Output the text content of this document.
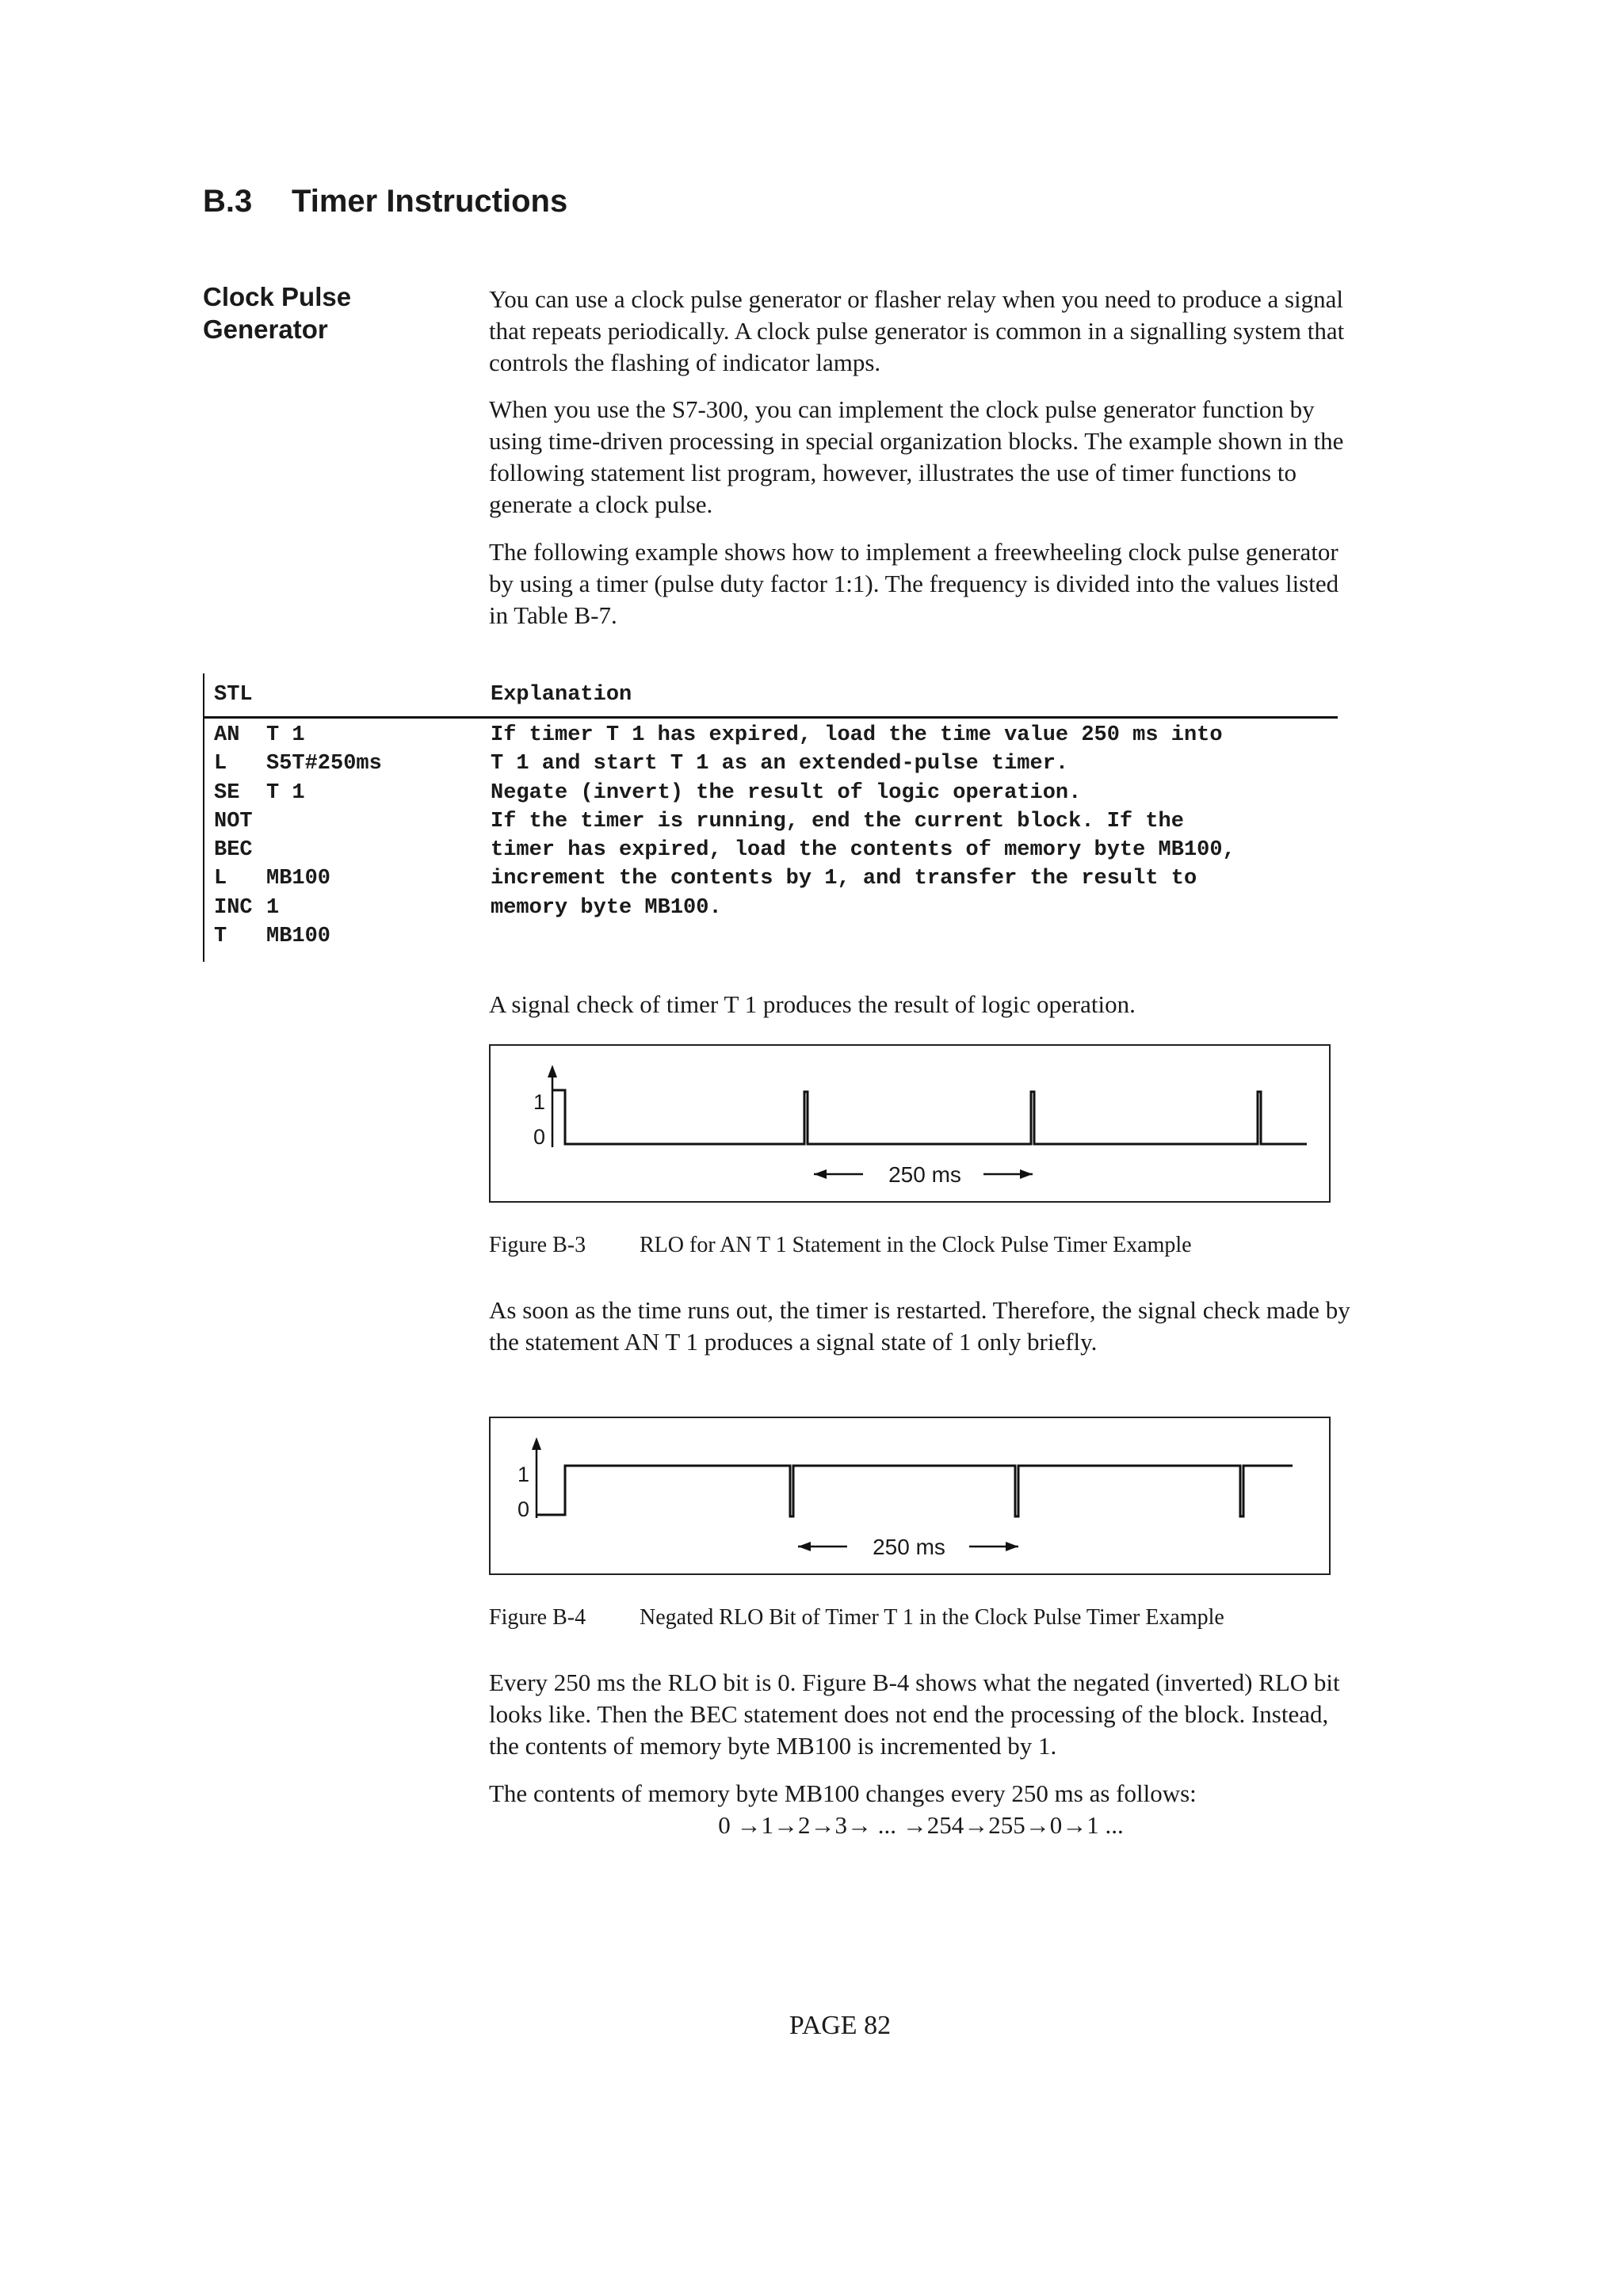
B.3 Timer Instructions
Clock Pulse
Generator

You can use a clock pulse generator or flasher relay when you need to produce a signal that repeats periodically. A clock pulse generator is common in a signalling system that controls the flashing of indicator lamps.

When you use the S7-300, you can implement the clock pulse generator function by using time-driven processing in special organization blocks. The example shown in the following statement list program, however, illustrates the use of timer functions to generate a clock pulse.

The following example shows how to implement a freewheeling clock pulse generator by using a timer (pulse duty factor 1:1). The frequency is divided into the values listed in Table B-7.

STL	Explanation
AN T 1
L S5T#250ms
SE T 1
NOT
BEC
L MB100
INC 1
T MB100
If timer T 1 has expired, load the time value 250 ms into
T 1 and start T 1 as an extended-pulse timer.
Negate (invert) the result of logic operation.
If the timer is running, end the current block. If the
timer has expired, load the contents of memory byte MB100,
increment the contents by 1, and transfer the result to
memory byte MB100.

A signal check of timer T 1 produces the result of logic operation.

1
0
250 ms
Figure B-3 RLO for AN T 1 Statement in the Clock Pulse Timer Example

As soon as the time runs out, the timer is restarted. Therefore, the signal check made by the statement AN T 1 produces a signal state of 1 only briefly.

1
0
250 ms
Figure B-4 Negated RLO Bit of Timer T 1 in the Clock Pulse Timer Example

Every 250 ms the RLO bit is 0. Figure B-4 shows what the negated (inverted) RLO bit looks like. Then the BEC statement does not end the processing of the block. Instead, the contents of memory byte MB100 is incremented by 1.

The contents of memory byte MB100 changes every 250 ms as follows:

0 →1→2→3→ ... →254→255→0→1 ...
PAGE 82
